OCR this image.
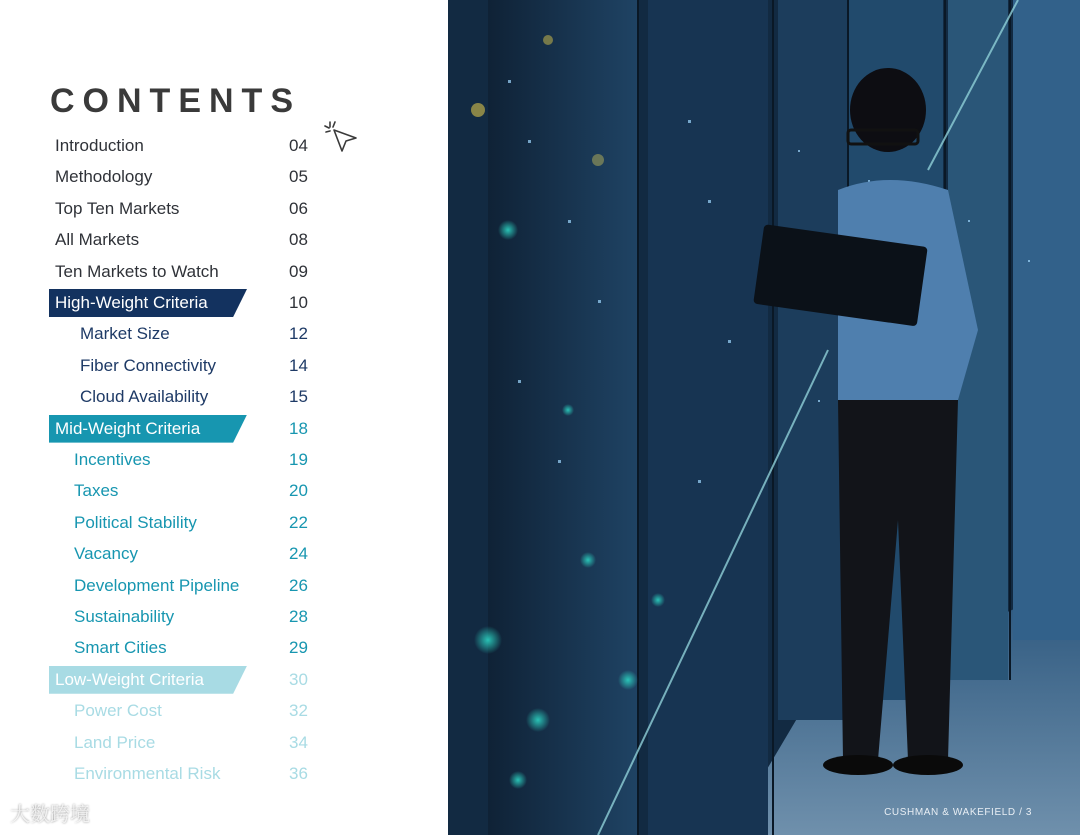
CONTENTS
Introduction	04
Methodology	05
Top Ten Markets	06
All Markets	08
Ten Markets to Watch	09
High-Weight Criteria	10
Market Size	12
Fiber Connectivity	14
Cloud Availability	15
Mid-Weight Criteria	18
Incentives	19
Taxes	20
Political Stability	22
Vacancy	24
Development Pipeline	26
Sustainability	28
Smart Cities	29
Low-Weight Criteria	30
Power Cost	32
Land Price	34
Environmental Risk	36
CUSHMAN & WAKEFIELD / 3
大数跨境
